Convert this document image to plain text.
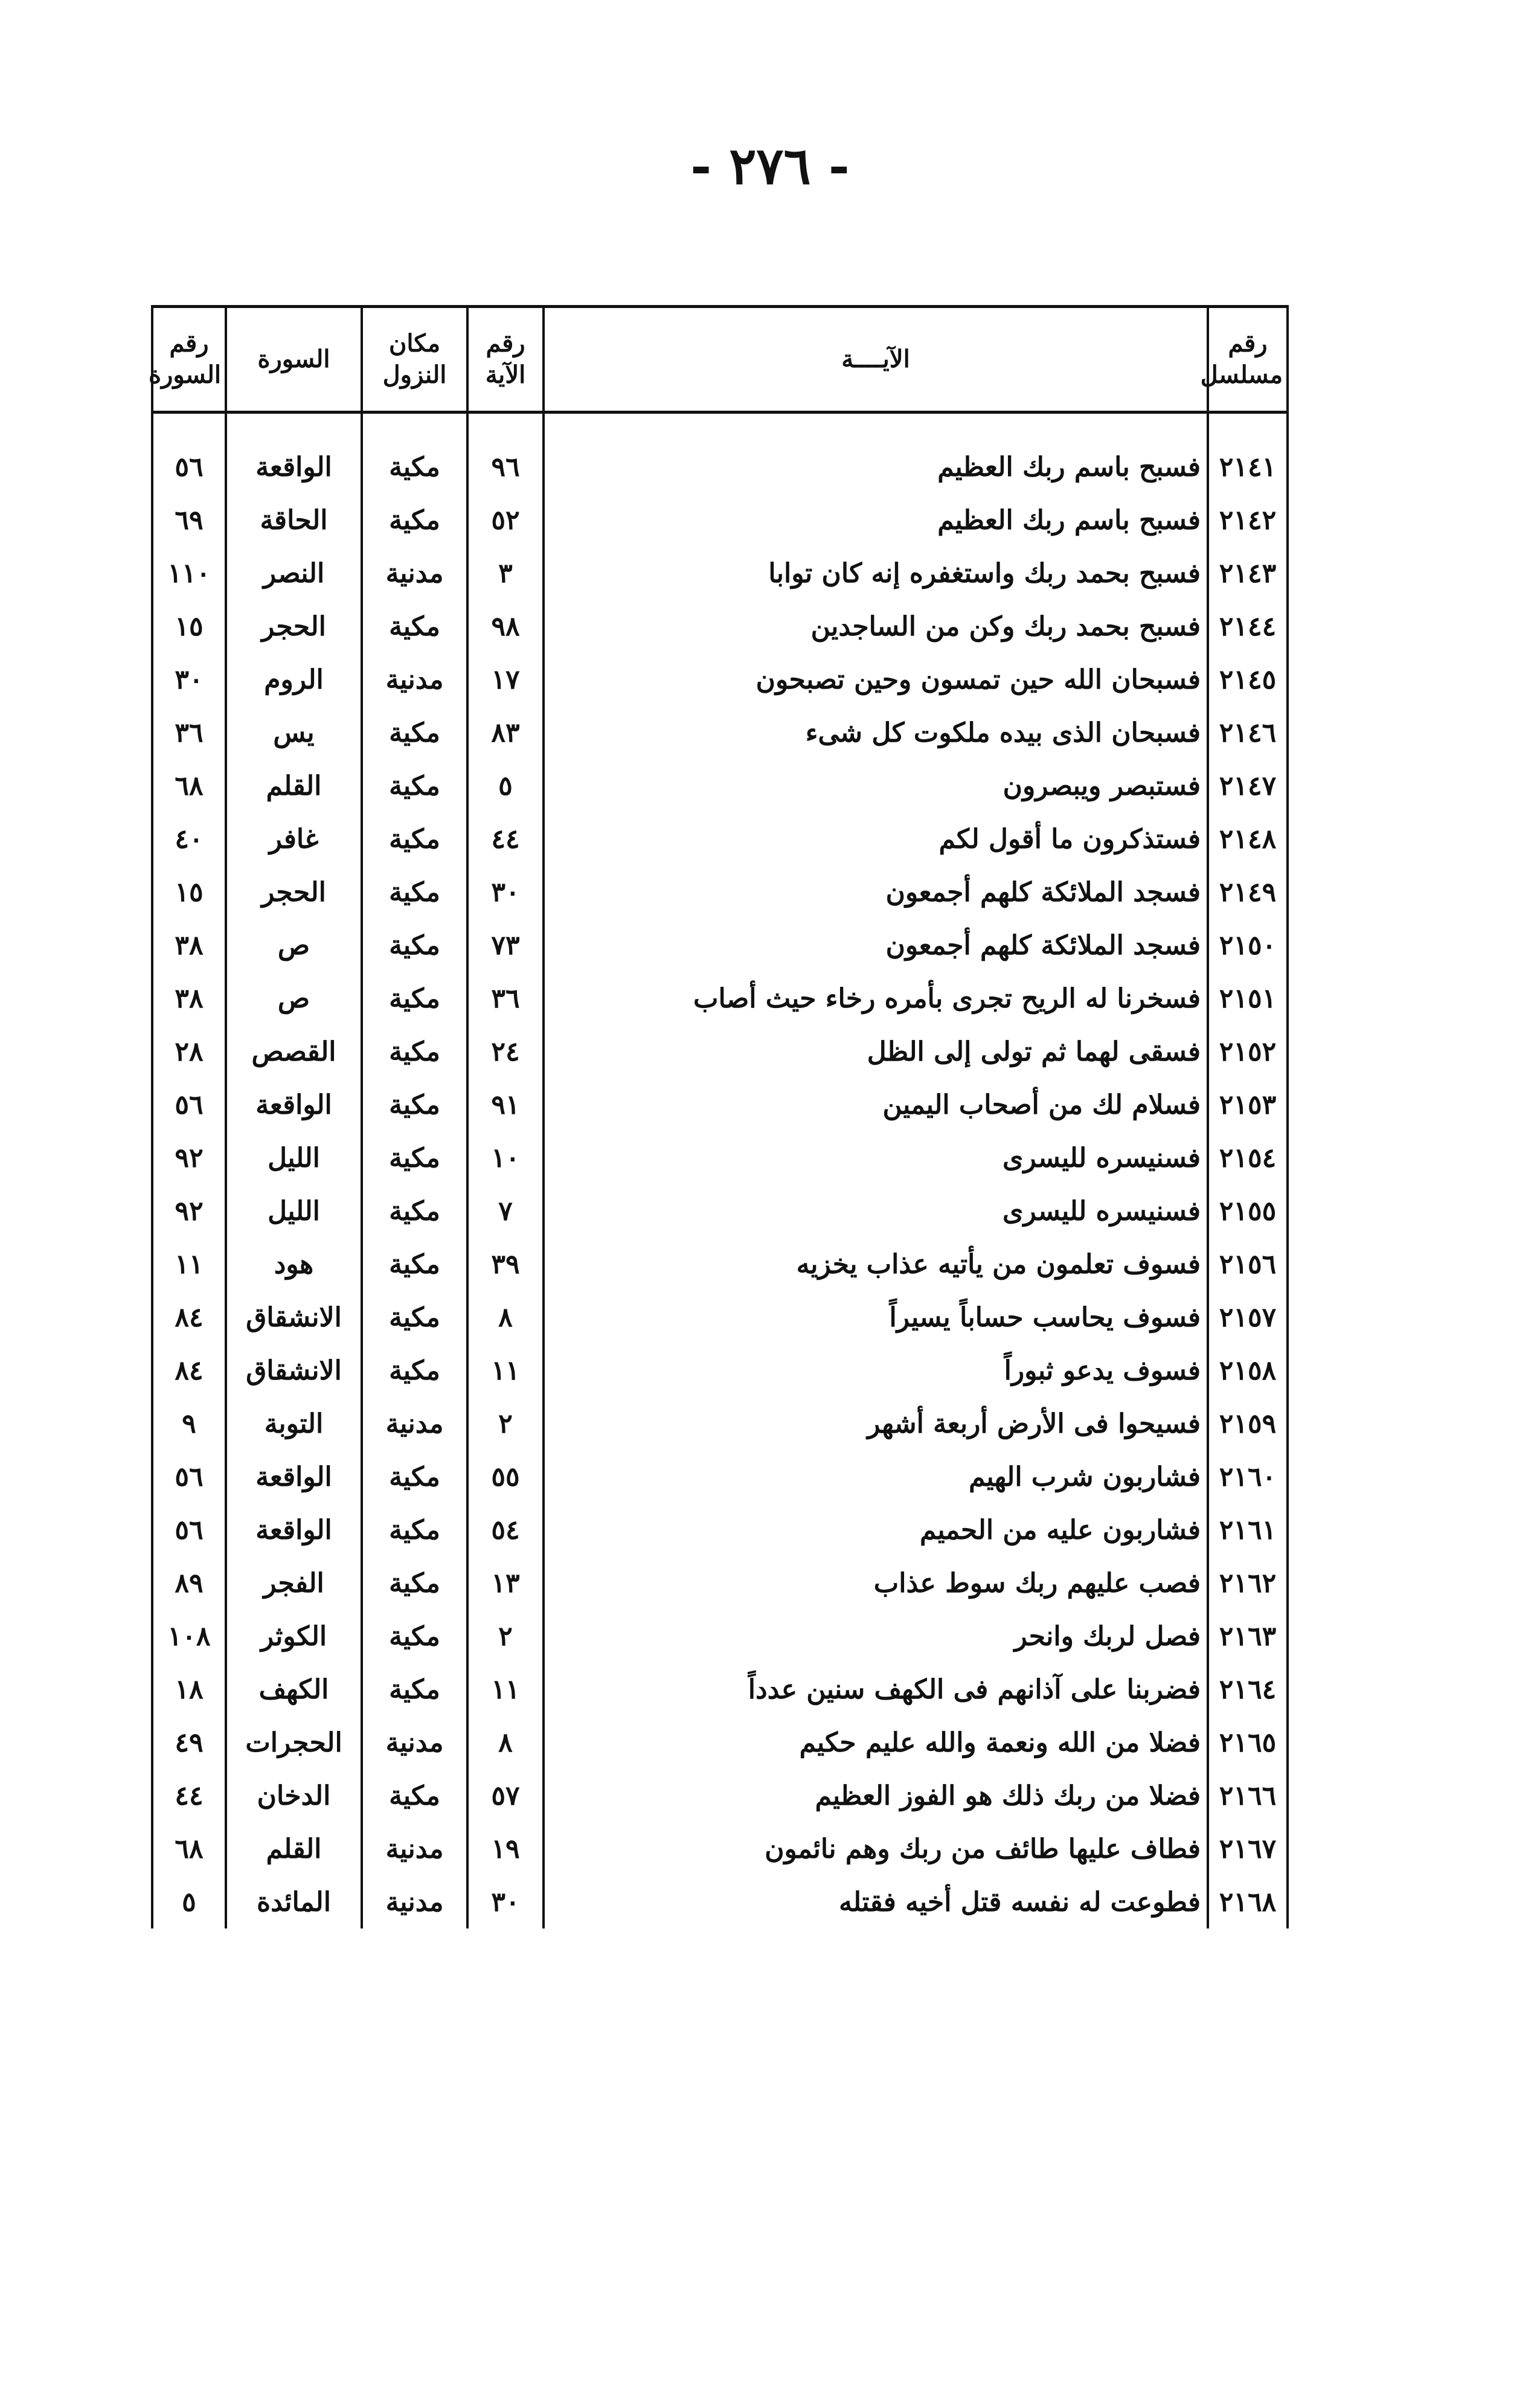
- ٢٧٦ -
رقم مسلسل	الآيــــة	رقم الآية	مكان النزول	السورة	رقم السورة

٢١٤١	فسبح باسم ربك العظيم	٩٦	مكية	الواقعة	٥٦
٢١٤٢	فسبح باسم ربك العظيم	٥٢	مكية	الحاقة	٦٩
٢١٤٣	فسبح بحمد ربك واستغفره إنه كان توابا	٣	مدنية	النصر	١١٠
٢١٤٤	فسبح بحمد ربك وكن من الساجدين	٩٨	مكية	الحجر	١٥
٢١٤٥	فسبحان الله حين تمسون وحين تصبحون	١٧	مدنية	الروم	٣٠
٢١٤٦	فسبحان الذى بيده ملكوت كل شىء	٨٣	مكية	يس	٣٦
٢١٤٧	فستبصر ويبصرون	٥	مكية	القلم	٦٨
٢١٤٨	فستذكرون ما أقول لكم	٤٤	مكية	غافر	٤٠
٢١٤٩	فسجد الملائكة كلهم أجمعون	٣٠	مكية	الحجر	١٥
٢١٥٠	فسجد الملائكة كلهم أجمعون	٧٣	مكية	ص	٣٨
٢١٥١	فسخرنا له الريح تجرى بأمره رخاء حيث أصاب	٣٦	مكية	ص	٣٨
٢١٥٢	فسقى لهما ثم تولى إلى الظل	٢٤	مكية	القصص	٢٨
٢١٥٣	فسلام لك من أصحاب اليمين	٩١	مكية	الواقعة	٥٦
٢١٥٤	فسنيسره لليسرى	١٠	مكية	الليل	٩٢
٢١٥٥	فسنيسره لليسرى	٧	مكية	الليل	٩٢
٢١٥٦	فسوف تعلمون من يأتيه عذاب يخزيه	٣٩	مكية	هود	١١
٢١٥٧	فسوف يحاسب حساباً يسيراً	٨	مكية	الانشقاق	٨٤
٢١٥٨	فسوف يدعو ثبوراً	١١	مكية	الانشقاق	٨٤
٢١٥٩	فسيحوا فى الأرض أربعة أشهر	٢	مدنية	التوبة	٩
٢١٦٠	فشاربون شرب الهيم	٥٥	مكية	الواقعة	٥٦
٢١٦١	فشاربون عليه من الحميم	٥٤	مكية	الواقعة	٥٦
٢١٦٢	فصب عليهم ربك سوط عذاب	١٣	مكية	الفجر	٨٩
٢١٦٣	فصل لربك وانحر	٢	مكية	الكوثر	١٠٨
٢١٦٤	فضربنا على آذانهم فى الكهف سنين عدداً	١١	مكية	الكهف	١٨
٢١٦٥	فضلا من الله ونعمة والله عليم حكيم	٨	مدنية	الحجرات	٤٩
٢١٦٦	فضلا من ربك ذلك هو الفوز العظيم	٥٧	مكية	الدخان	٤٤
٢١٦٧	فطاف عليها طائف من ربك وهم نائمون	١٩	مدنية	القلم	٦٨
٢١٦٨	فطوعت له نفسه قتل أخيه فقتله	٣٠	مدنية	المائدة	٥
